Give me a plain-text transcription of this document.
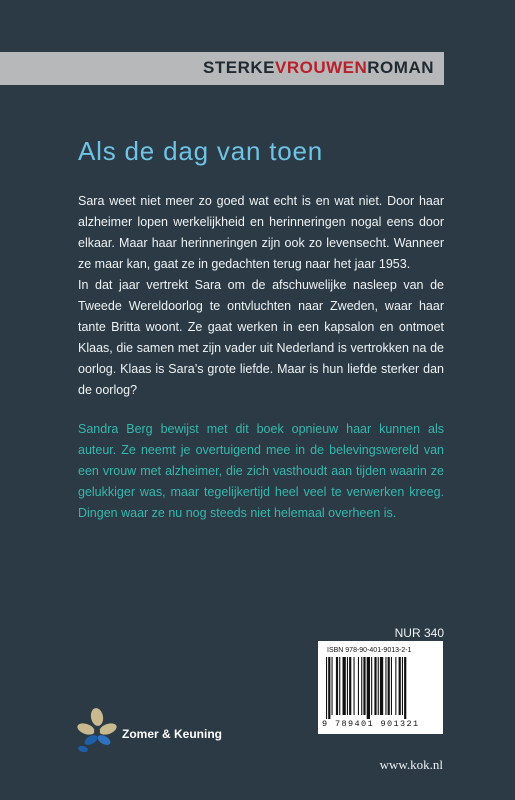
STERKEVROUWENROMAN
Als de dag van toen

Sara weet niet meer zo goed wat echt is en wat niet. Door haar alzheimer lopen werkelijkheid en herinneringen nogal eens door elkaar. Maar haar herinneringen zijn ook zo levensecht. Wanneer ze maar kan, gaat ze in gedachten terug naar het jaar 1953.

In dat jaar vertrekt Sara om de afschuwelijke nasleep van de Tweede Wereldoorlog te ontvluchten naar Zweden, waar haar tante Britta woont. Ze gaat werken in een kapsalon en ontmoet Klaas, die samen met zijn vader uit Nederland is vertrokken na de oorlog. Klaas is Sara’s grote liefde. Maar is hun liefde sterker dan de oorlog?

Sandra Berg bewijst met dit boek opnieuw haar kunnen als auteur. Ze neemt je overtuigend mee in de belevingswereld van een vrouw met alzheimer, die zich vasthoudt aan tijden waarin ze gelukkiger was, maar tegelijkertijd heel veel te verwerken kreeg. Dingen waar ze nu nog steeds niet helemaal overheen is.

NUR 340
ISBN 978-90-401-9013-2-1
9 789401 901321
Zomer & Keuning
www.kok.nl
